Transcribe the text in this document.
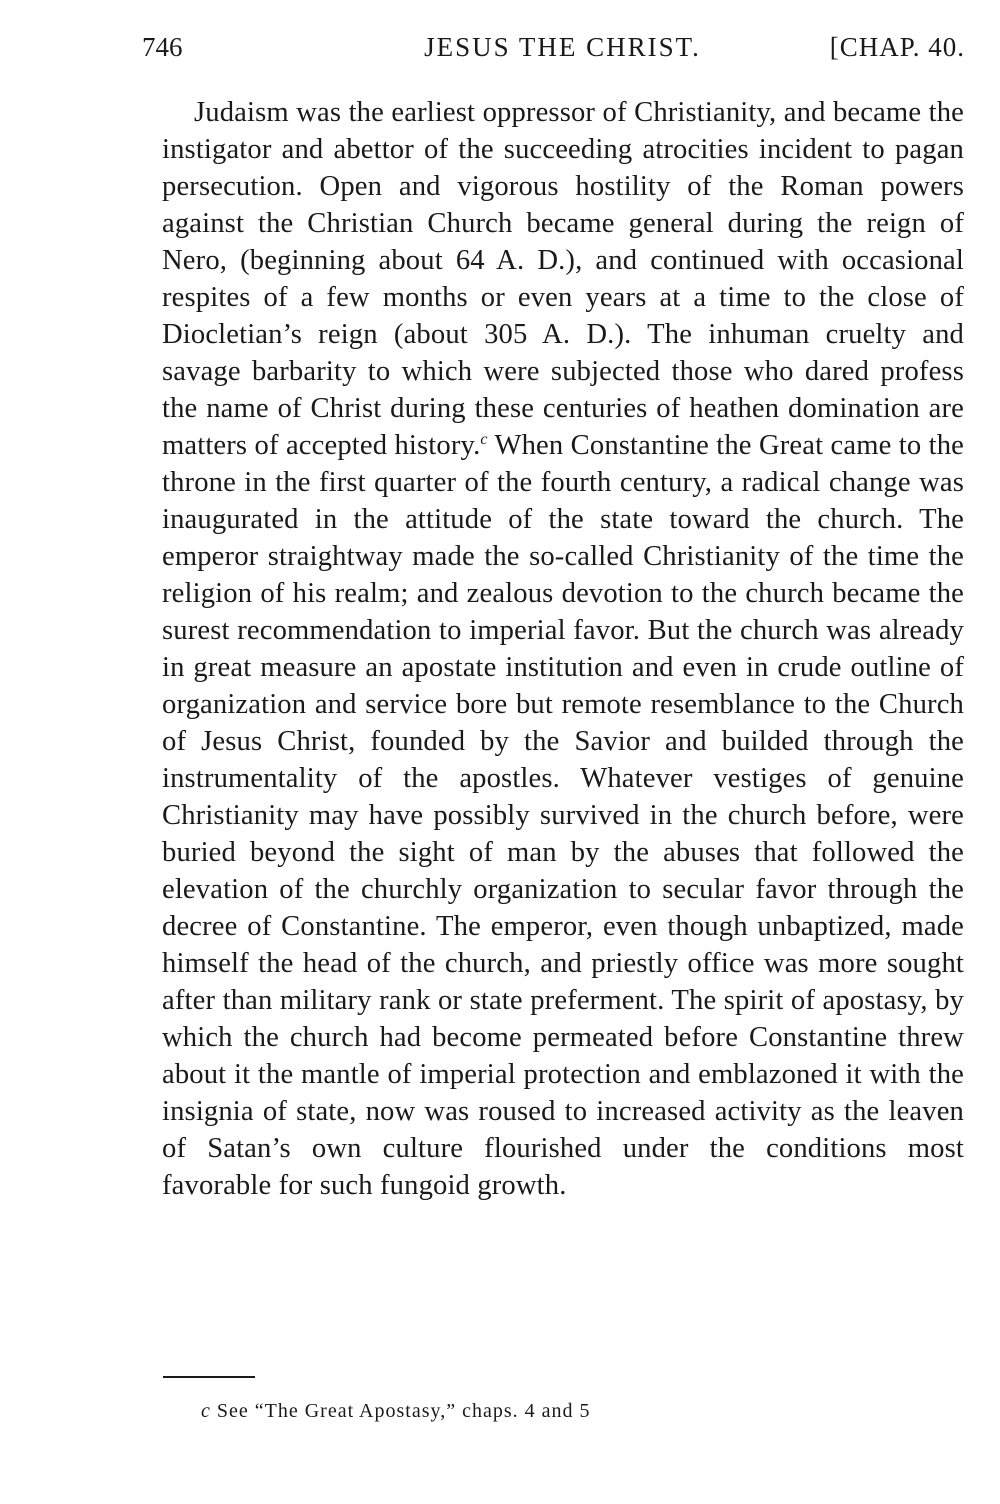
746	JESUS THE CHRIST.	[CHAP. 40.

Judaism was the earliest oppressor of Christianity, and became the instigator and abettor of the succeeding atrocities incident to pagan persecution. Open and vigorous hostility of the Roman powers against the Christian Church became general during the reign of Nero, (beginning about 64 A. D.), and continued with occasional respites of a few months or even years at a time to the close of Diocletian’s reign (about 305 A. D.). The inhuman cruelty and savage barbarity to which were subjected those who dared profess the name of Christ during these centuries of heathen domination are matters of accepted history.$^c$ When Constantine the Great came to the throne in the first quarter of the fourth century, a radical change was inaugurated in the attitude of the state toward the church. The emperor straightway made the so-called Christianity of the time the religion of his realm; and zealous devotion to the church became the surest recommendation to imperial favor. But the church was already in great measure an apostate institution and even in crude outline of organization and service bore but remote resemblance to the Church of Jesus Christ, founded by the Savior and builded through the instrumentality of the apostles. Whatever vestiges of genuine Christianity may have possibly survived in the church before, were buried beyond the sight of man by the abuses that followed the elevation of the churchly organization to secular favor through the decree of Constantine. The emperor, even though unbaptized, made himself the head of the church, and priestly office was more sought after than military rank or state preferment. The spirit of apostasy, by which the church had become permeated before Constantine threw about it the mantle of imperial protection and emblazoned it with the insignia of state, now was roused to increased activity as the leaven of Satan’s own culture flourished under the conditions most favorable for such fungoid growth.

c See “The Great Apostasy,” chaps. 4 and 5
